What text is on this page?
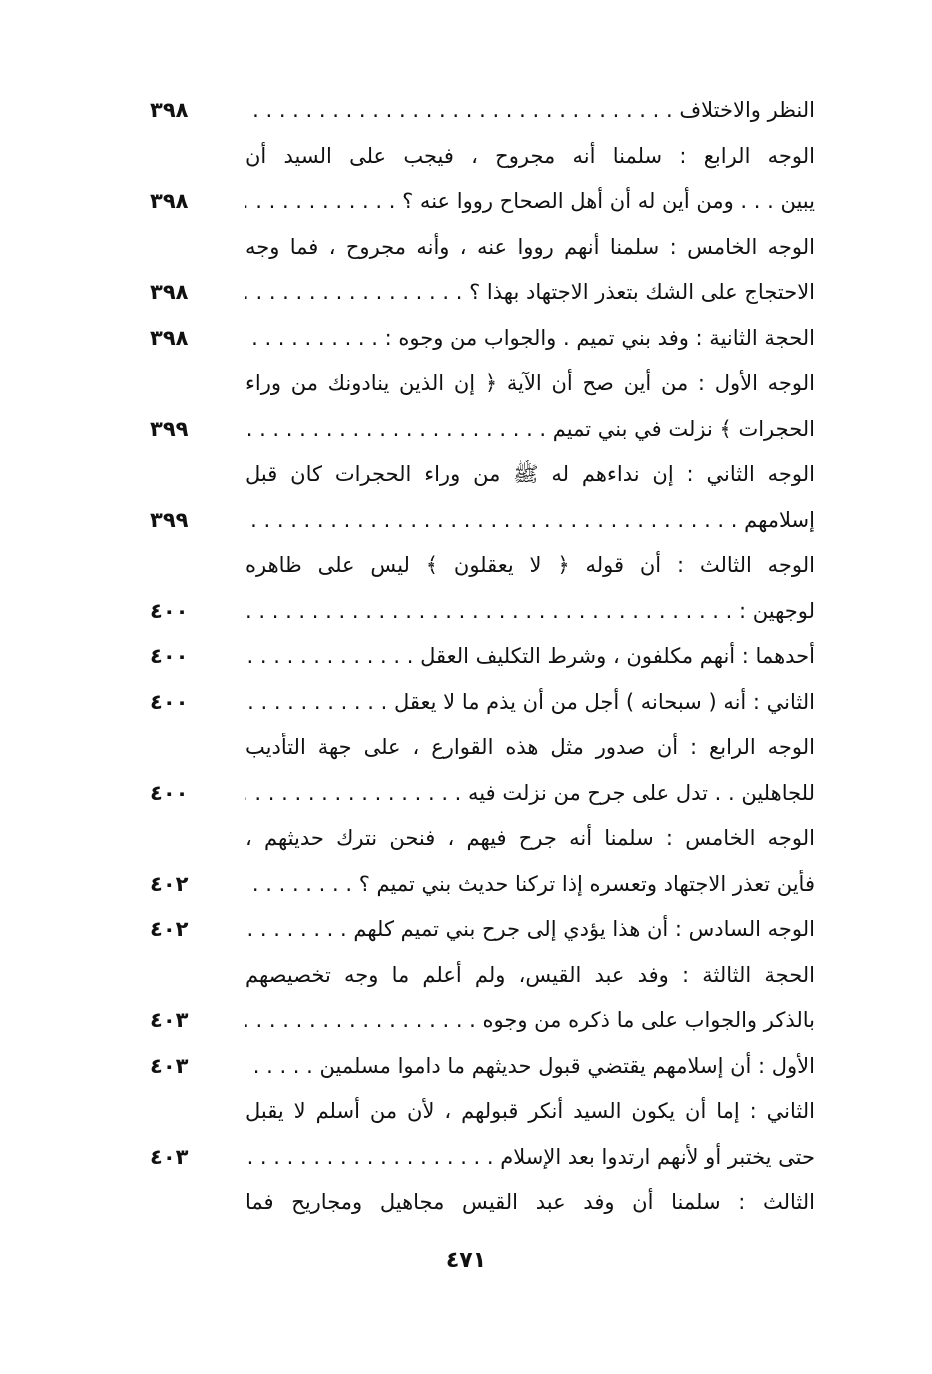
النظر والاختلاف . . .
٣٩٨
الوجه الرابع : سلمنا أنه مجروح ، فيجب على السيد أن
يبين . . . ومن أين له أن أهل الصحاح رووا عنه ؟ . . .
٣٩٨
الوجه الخامس : سلمنا أنهم رووا عنه ، وأنه مجروح ، فما وجه
الاحتجاج على الشك بتعذر الاجتهاد بهذا ؟ . . .
٣٩٨
الحجة الثانية : وفد بني تميم . والجواب من وجوه : . . .
٣٩٨
الوجه الأول : من أين صح أن الآية ﴿ إن الذين ينادونك من وراء
الحجرات ﴾ نزلت في بني تميم . . .
٣٩٩
الوجه الثاني : إن نداءهم له ﷺ من وراء الحجرات كان قبل
إسلامهم . . .
٣٩٩
الوجه الثالث : أن قوله ﴿ لا يعقلون ﴾ ليس على ظاهره
لوجهين : . . .
٤٠٠
أحدهما : أنهم مكلفون ، وشرط التكليف العقل . . .
٤٠٠
الثاني : أنه ( سبحانه ) أجل من أن يذم ما لا يعقل . . .
٤٠٠
الوجه الرابع : أن صدور مثل هذه القوارع ، على جهة التأديب
للجاهلين . . تدل على جرح من نزلت فيه . . .
٤٠٠
الوجه الخامس : سلمنا أنه جرح فيهم ، فنحن نترك حديثهم ،
فأين تعذر الاجتهاد وتعسره إذا تركنا حديث بني تميم ؟ . . .
٤٠٢
الوجه السادس : أن هذا يؤدي إلى جرح بني تميم كلهم . . .
٤٠٢
الحجة الثالثة : وفد عبد القيس، ولم أعلم ما وجه تخصيصهم
بالذكر والجواب على ما ذكره من وجوه . . .
٤٠٣
الأول : أن إسلامهم يقتضي قبول حديثهم ما داموا مسلمين . . .
٤٠٣
الثاني : إما أن يكون السيد أنكر قبولهم ، لأن من أسلم لا يقبل
حتى يختبر أو لأنهم ارتدوا بعد الإسلام . . .
٤٠٣
الثالث : سلمنا أن وفد عبد القيس مجاهيل ومجاريح فما
٤٧١
